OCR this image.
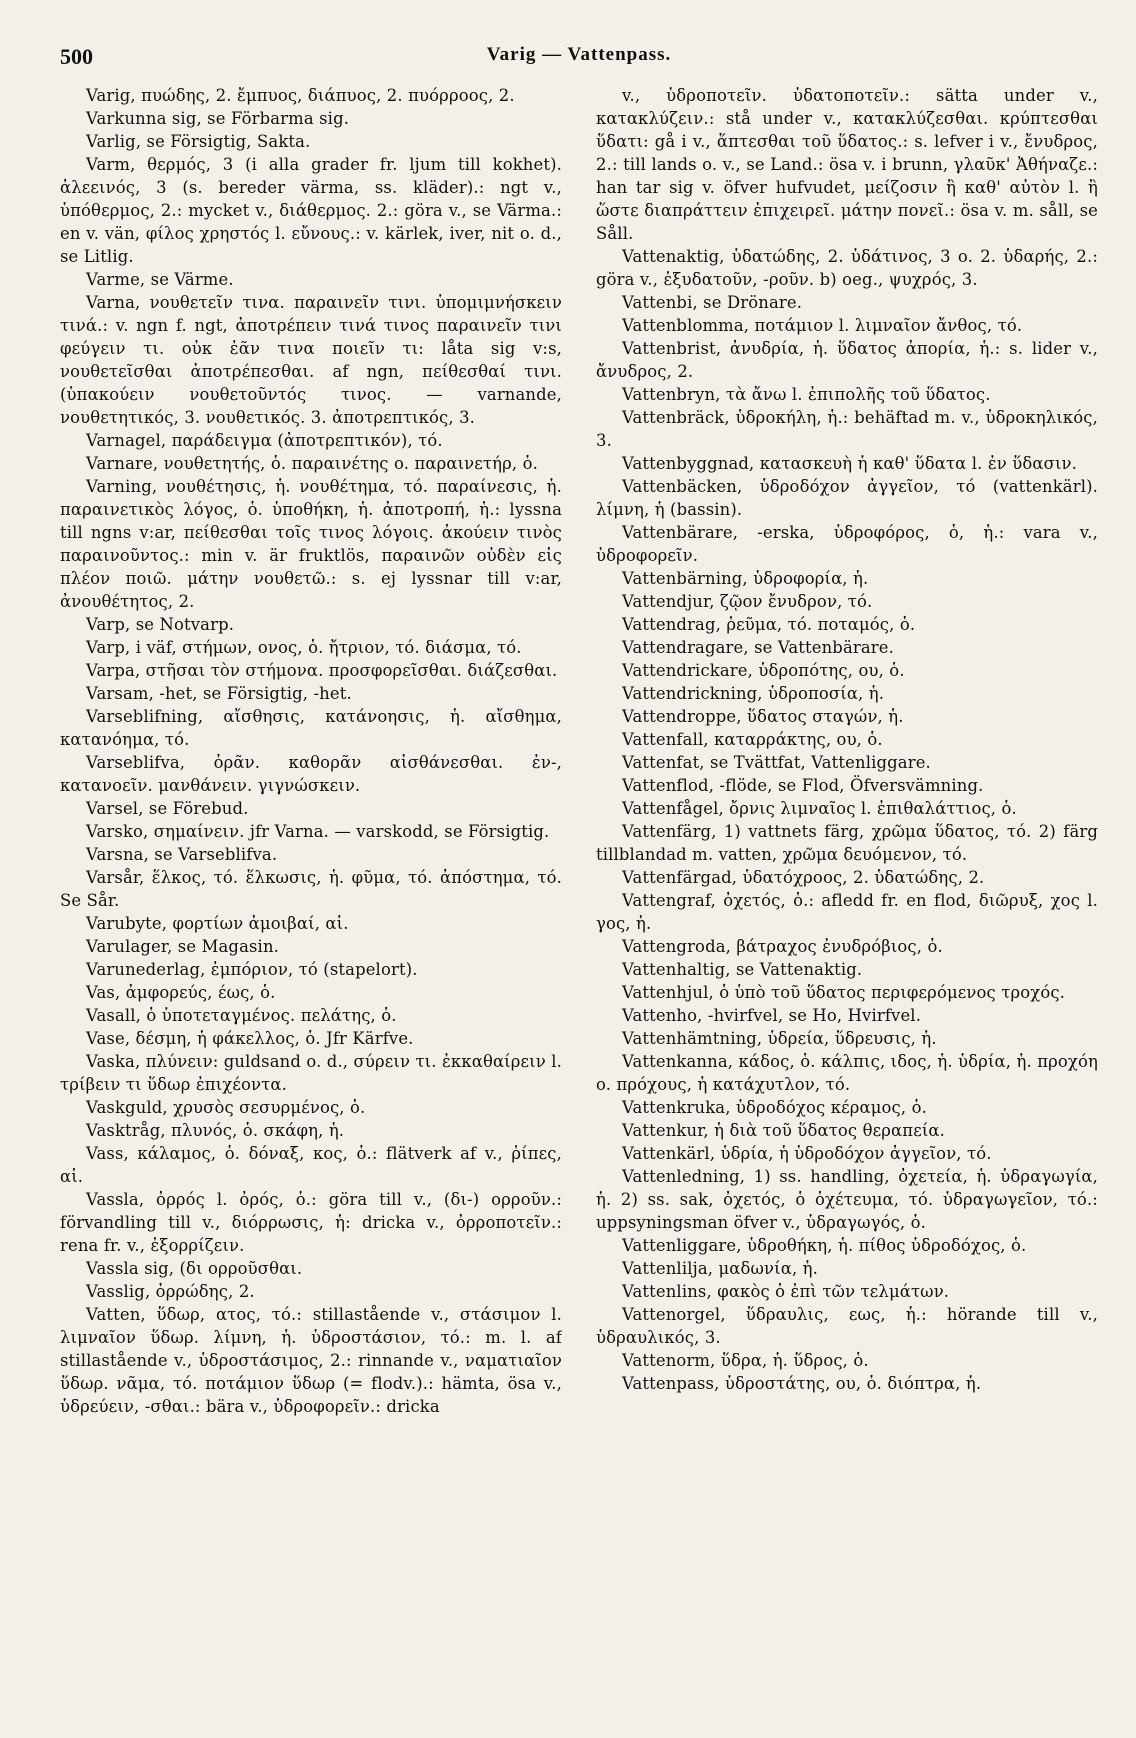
500	Varig — Vattenpass.

Varig, πυώδης, 2. ἔμπυος, διάπυος, 2. πυόρροος, 2.

Varkunna sig, se Förbarma sig.

Varlig, se Försigtig, Sakta.

Varm, θερμός, 3 (i alla grader fr. ljum till kokhet). ἀλεεινός, 3 (s. bereder värma, ss. kläder).: ngt v., ὑπόθερμος, 2.: mycket v., διάθερμος. 2.: göra v., se Värma.: en v. vän, φίλος χρηστός l. εὔνους.: v. kärlek, iver, nit o. d., se Litlig.

Varme, se Värme.

Varna, νουθετεῖν τινα. παραινεῖν τινι. ὑπομιμνήσκειν τινά.: v. ngn f. ngt, ἀποτρέπειν τινά τινος παραινεῖν τινι φεύγειν τι. οὐκ ἐᾶν τινα ποιεῖν τι: låta sig v:s, νουθετεῖσθαι ἀποτρέπεσθαι. af ngn, πείθεσθαί τινι. (ὑπακούειν νουθετοῦντός τινος. — varnande, νουθετητικός, 3. νουθετικός. 3. ἀποτρεπτικός, 3.

Varnagel, παράδειγμα (ἀποτρεπτικόν), τό.

Varnare, νουθετητής, ὁ. παραινέτης o. παραινετήρ, ὁ.

Varning, νουθέτησις, ἡ. νουθέτημα, τό. παραίνεσις, ἡ. παραινετικὸς λόγος, ὁ. ὑποθήκη, ἡ. ἀποτροπή, ἡ.: lyssna till ngns v:ar, πείθεσθαι τοῖς τινος λόγοις. ἀκούειν τινὸς παραινοῦντος.: min v. är fruktlös, παραινῶν οὐδὲν εἰς πλέον ποιῶ. μάτην νουθετῶ.: s. ej lyssnar till v:ar, ἀνουθέτητος, 2.

Varp, se Notvarp.

Varp, i väf, στήμων, ονος, ὁ. ἤτριον, τό. διάσμα, τό.

Varpa, στῆσαι τὸν στήμονα. προσφορεῖσθαι. διάζεσθαι.

Varsam, -het, se Försigtig, -het.

Varseblifning, αἴσθησις, κατάνοησις, ἡ. αἴσθημα, κατανόημα, τό.

Varseblifva, ὁρᾶν. καθορᾶν αἰσθάνεσθαι. ἐν-, κατανοεῖν. μανθάνειν. γιγνώσκειν.

Varsel, se Förebud.

Varsko, σημαίνειν. jfr Varna. — varskodd, se Försigtig.

Varsna, se Varseblifva.

Varsår, ἕλκος, τό. ἕλκωσις, ἡ. φῦμα, τό. ἀπόστημα, τό. Se Sår.

Varubyte, φορτίων ἀμοιβαί, αἱ.

Varulager, se Magasin.

Varunederlag, ἐμπόριον, τό (stapelort).

Vas, ἀμφορεύς, έως, ὁ.

Vasall, ὁ ὑποτεταγμένος. πελάτης, ὁ.

Vase, δέσμη, ἡ φάκελλος, ὁ. Jfr Kärfve.

Vaska, πλύνειν: guldsand o. d., σύρειν τι. ἐκκαθαίρειν l. τρίβειν τι ὕδωρ ἐπιχέοντα.

Vaskguld, χρυσὸς σεσυρμένος, ὁ.

Vasktråg, πλυνός, ὁ. σκάφη, ἡ.

Vass, κάλαμος, ὁ. δόναξ, κος, ὁ.: flätverk af v., ῥίπες, αἱ.

Vassla, ὀρρός l. ὀρός, ὁ.: göra till v., (δι-) ορροῦν.: förvandling till v., διόρρωσις, ἡ: dricka v., ὀρροποτεῖν.: rena fr. v., ἐξορρίζειν.

Vassla sig, (δι ορροῦσθαι.

Vasslig, ὀρρώδης, 2.

Vatten, ὕδωρ, ατος, τό.: stillastående v., στάσιμον l. λιμναῖον ὕδωρ. λίμνη, ἡ. ὑδροστάσιον, τό.: m. l. af stillastående v., ὑδροστάσιμος, 2.: rinnande v., ναματιαῖον ὕδωρ. νᾶμα, τό. ποτάμιον ὕδωρ (= flodv.).: hämta, ösa v., ὑδρεύειν, -σθαι.: bära v., ὑδροφορεῖν.: dricka

v., ὑδροποτεῖν. ὑδατοποτεῖν.: sätta under v., κατακλύζειν.: stå under v., κατακλύζεσθαι. κρύπτεσθαι ὕδατι: gå i v., ἅπτεσθαι τοῦ ὕδατος.: s. lefver i v., ἔνυδρος, 2.: till lands o. v., se Land.: ösa v. i brunn, γλαῦκ' Ἀθήναζε.: han tar sig v. öfver hufvudet, μείζοσιν ἢ καθ' αὐτὸν l. ἢ ὥστε διαπράττειν ἐπιχειρεῖ. μάτην πονεῖ.: ösa v. m. såll, se Såll.

Vattenaktig, ὑδατώδης, 2. ὑδάτινος, 3 o. 2. ὑδαρής, 2.: göra v., ἐξυδατοῦν, -ροῦν. b) oeg., ψυχρός, 3.

Vattenbi, se Drönare.

Vattenblomma, ποτάμιον l. λιμναῖον ἄνθος, τό.

Vattenbrist, ἀνυδρία, ἡ. ὕδατος ἀπορία, ἡ.: s. lider v., ἄνυδρος, 2.

Vattenbryn, τὰ ἄνω l. ἐπιπολῆς τοῦ ὕδατος.

Vattenbräck, ὑδροκήλη, ἡ.: behäftad m. v., ὑδροκηλικός, 3.

Vattenbyggnad, κατασκευὴ ἡ καθ' ὕδατα l. ἐν ὕδασιν.

Vattenbäcken, ὑδροδόχον ἀγγεῖον, τό (vattenkärl). λίμνη, ἡ (bassin).

Vattenbärare, -erska, ὑδροφόρος, ὁ, ἡ.: vara v., ὑδροφορεῖν.

Vattenbärning, ὑδροφορία, ἡ.

Vattendjur, ζῷον ἔνυδρον, τό.

Vattendrag, ῥεῦμα, τό. ποταμός, ὁ.

Vattendragare, se Vattenbärare.

Vattendrickare, ὑδροπότης, ου, ὁ.

Vattendrickning, ὑδροποσία, ἡ.

Vattendroppe, ὕδατος σταγών, ἡ.

Vattenfall, καταρράκτης, ου, ὁ.

Vattenfat, se Tvättfat, Vattenliggare.

Vattenflod, -flöde, se Flod, Öfversvämning.

Vattenfågel, ὄρνις λιμναῖος l. ἐπιθαλάττιος, ὁ.

Vattenfärg, 1) vattnets färg, χρῶμα ὕδατος, τό. 2) färg tillblandad m. vatten, χρῶμα δευόμενον, τό.

Vattenfärgad, ὑδατόχροος, 2. ὑδατώδης, 2.

Vattengraf, ὀχετός, ὁ.: afledd fr. en flod, διῶρυξ, χος l. γος, ἡ.

Vattengroda, βάτραχος ἐνυδρόβιος, ὁ.

Vattenhaltig, se Vattenaktig.

Vattenhjul, ὁ ὑπὸ τοῦ ὕδατος περιφερόμενος τροχός.

Vattenho, -hvirfvel, se Ho, Hvirfvel.

Vattenhämtning, ὑδρεία, ὕδρευσις, ἡ.

Vattenkanna, κάδος, ὁ. κάλπις, ιδος, ἡ. ὑδρία, ἡ. προχόη o. πρόχους, ἡ κατάχυτλον, τό.

Vattenkruka, ὑδροδόχος κέραμος, ὁ.

Vattenkur, ἡ διὰ τοῦ ὕδατος θεραπεία.

Vattenkärl, ὑδρία, ἡ ὑδροδόχον ἀγγεῖον, τό.

Vattenledning, 1) ss. handling, ὀχετεία, ἡ. ὑδραγωγία, ἡ. 2) ss. sak, ὀχετός, ὁ ὀχέτευμα, τό. ὑδραγωγεῖον, τό.: uppsyningsman öfver v., ὑδραγωγός, ὁ.

Vattenliggare, ὑδροθήκη, ἡ. πίθος ὑδροδόχος, ὁ.

Vattenlilja, μαδωνία, ἡ.

Vattenlins, φακὸς ὁ ἐπὶ τῶν τελμάτων.

Vattenorgel, ὕδραυλις, εως, ἡ.: hörande till v., ὑδραυλικός, 3.

Vattenorm, ὕδρα, ἡ. ὕδρος, ὁ.

Vattenpass, ὑδροστάτης, ου, ὁ. διόπτρα, ἡ.
